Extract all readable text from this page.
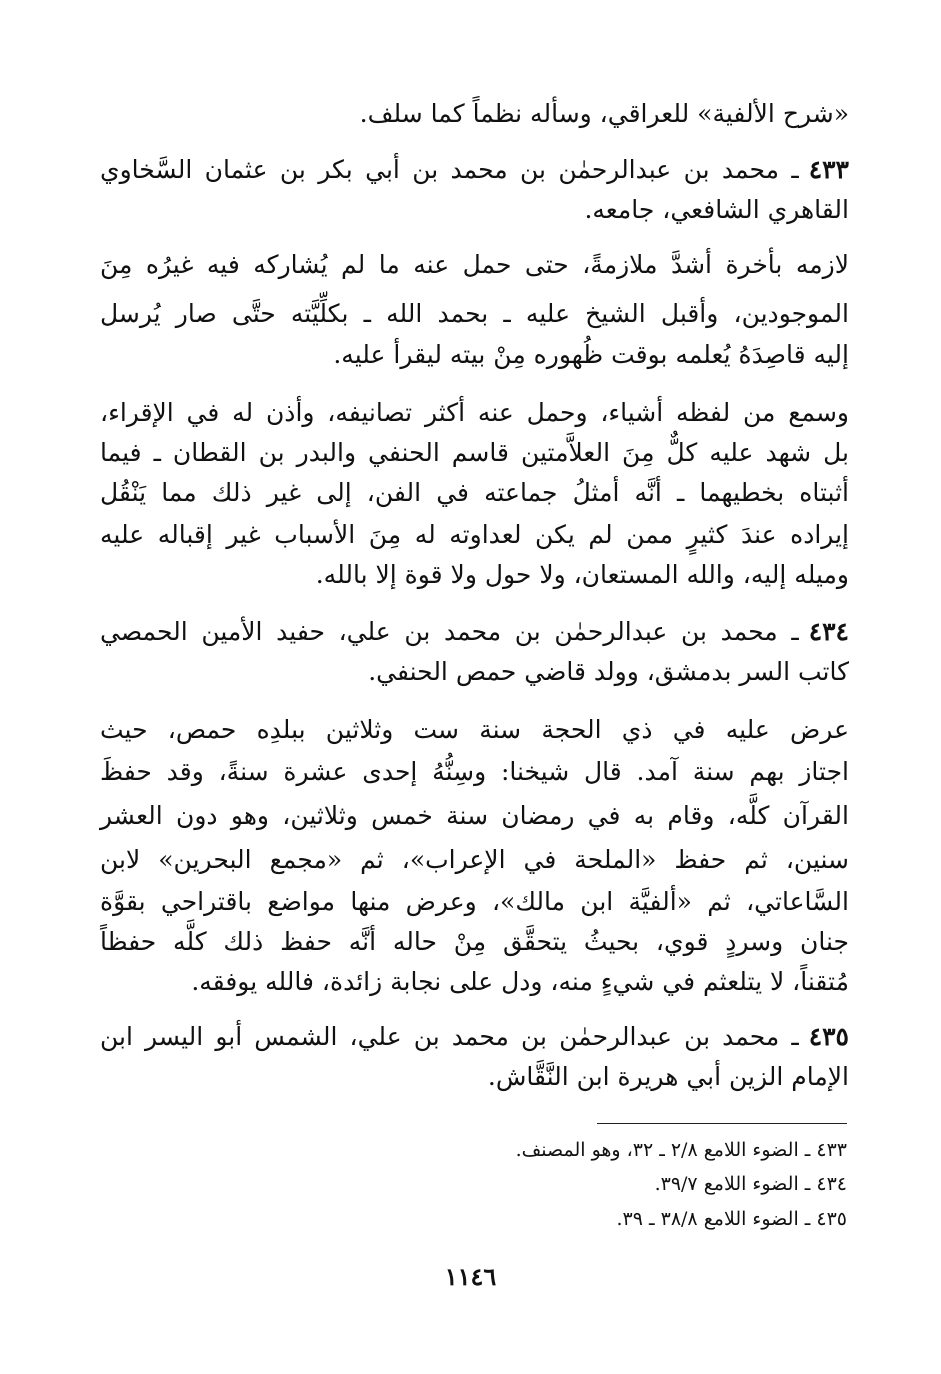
«شرح الألفية» للعراقي، وسأله نظماً كما سلف.
٤٣٣ـ محمد بن عبدالرحمٰن بن محمد بن أبي بكر بن عثمان السَّخاوي
القاهري الشافعي، جامعه.
لازمه بأخرة أشدَّ ملازمةً، حتى حمل عنه ما لم يُشاركه فيه غيرُه مِنَ
الموجودين، وأقبل الشيخ عليه ـ بحمد الله ـ بكلِّيَّته حتَّى صار يُرسل
إليه قاصِدَهُ يُعلمه بوقت ظُهوره مِنْ بيته ليقرأ عليه.
وسمع من لفظه أشياء، وحمل عنه أكثر تصانيفه، وأذن له في الإقراء،
بل شهد عليه كلٌّ مِنَ العلاَّمتين قاسم الحنفي والبدر بن القطان ـ فيما
أثبتاه بخطيهما ـ أنَّه أمثلُ جماعته في الفن، إلى غير ذلك مما يَنْقُل
إيراده عندَ كثيرٍ ممن لم يكن لعداوته له مِنَ الأسباب غير إقباله عليه
وميله إليه، والله المستعان، ولا حول ولا قوة إلا بالله.
٤٣٤ـ محمد بن عبدالرحمٰن بن محمد بن علي، حفيد الأمين الحمصي
كاتب السر بدمشق، وولد قاضي حمص الحنفي.
عرض عليه في ذي الحجة سنة ست وثلاثين ببلدِه حمص، حيث
اجتاز بهم سنة آمد. قال شيخنا: وسِنُّهُ إحدى عشرة سنةً، وقد حفظَ
القرآن كلَّه، وقام به في رمضان سنة خمس وثلاثين، وهو دون العشر
سنين، ثم حفظ «الملحة في الإعراب»، ثم «مجمع البحرين» لابن
السَّاعاتي، ثم «ألفيَّة ابن مالك»، وعرض منها مواضع باقتراحي بقوَّة
جنان وسردٍ قوي، بحيثُ يتحقَّق مِنْ حاله أنَّه حفظ ذلك كلَّه حفظاً
مُتقناً، لا يتلعثم في شيءٍ منه، ودل على نجابة زائدة، فالله يوفقه.
٤٣٥ـ محمد بن عبدالرحمٰن بن محمد بن علي، الشمس أبو اليسر ابن
الإمام الزين أبي هريرة ابن النَّقَّاش.
٤٣٣ ـ الضوء اللامع ٢/٨ ـ ٣٢، وهو المصنف.
٤٣٤ ـ الضوء اللامع ٣٩/٧.
٤٣٥ ـ الضوء اللامع ٣٨/٨ ـ ٣٩.
١١٤٦
